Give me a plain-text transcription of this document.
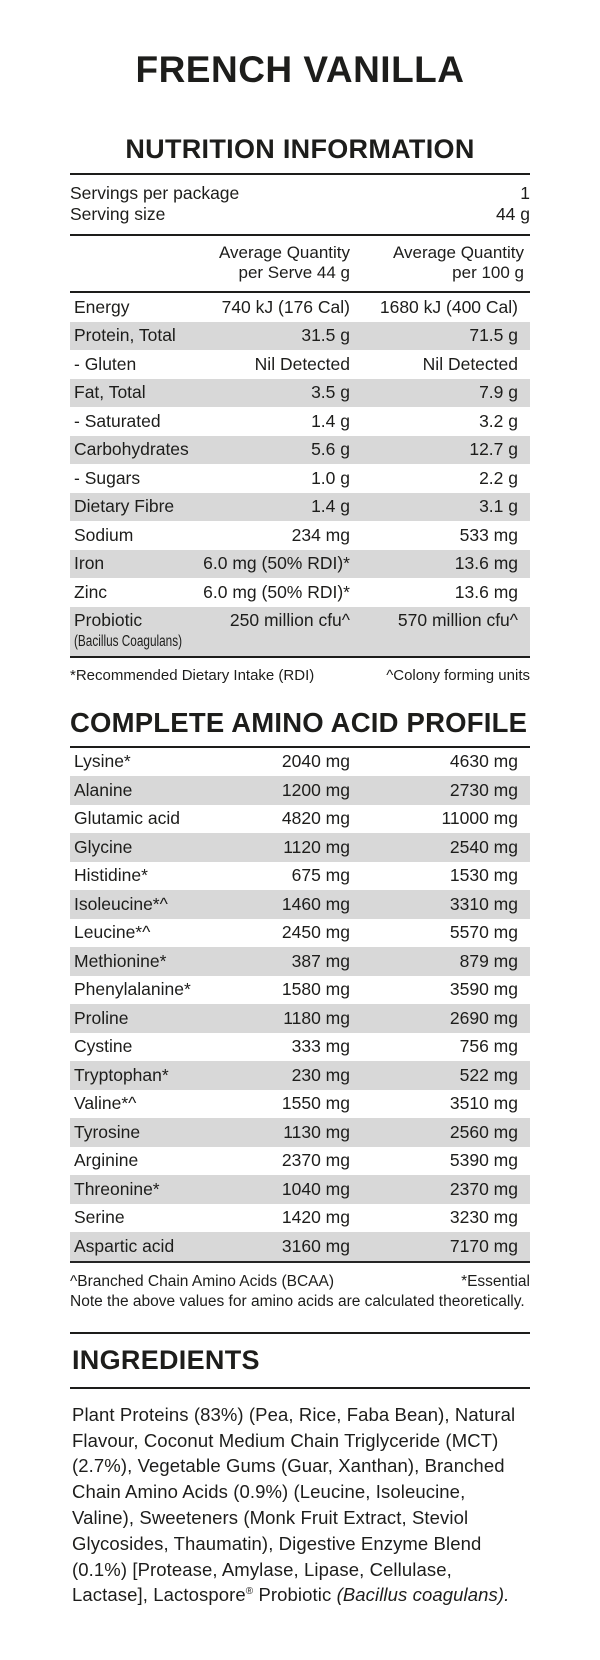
FRENCH VANILLA
NUTRITION INFORMATION
Servings per package	1
Serving size	44 g
Average Quantity
per Serve 44 g
Average Quantity
per 100 g
Energy	740 kJ (176 Cal)	1680 kJ (400 Cal)
Protein, Total	31.5 g	71.5 g
- Gluten	Nil Detected	Nil Detected
Fat, Total	3.5 g	7.9 g
- Saturated	1.4 g	3.2 g
Carbohydrates	5.6 g	12.7 g
- Sugars	1.0 g	2.2 g
Dietary Fibre	1.4 g	3.1 g
Sodium	234 mg	533 mg
Iron	6.0 mg (50% RDI)*	13.6 mg
Zinc	6.0 mg (50% RDI)*	13.6 mg
Probiotic
(Bacillus Coagulans)
250 million cfu^	570 million cfu^
*Recommended Dietary Intake (RDI)	^Colony forming units
COMPLETE AMINO ACID PROFILE
Lysine*	2040 mg	4630 mg
Alanine	1200 mg	2730 mg
Glutamic acid	4820 mg	11000 mg
Glycine	1120 mg	2540 mg
Histidine*	675 mg	1530 mg
Isoleucine*^	1460 mg	3310 mg
Leucine*^	2450 mg	5570 mg
Methionine*	387 mg	879 mg
Phenylalanine*	1580 mg	3590 mg
Proline	1180 mg	2690 mg
Cystine	333 mg	756 mg
Tryptophan*	230 mg	522 mg
Valine*^	1550 mg	3510 mg
Tyrosine	1130 mg	2560 mg
Arginine	2370 mg	5390 mg
Threonine*	1040 mg	2370 mg
Serine	1420 mg	3230 mg
Aspartic acid	3160 mg	7170 mg
^Branched Chain Amino Acids (BCAA)	*Essential
Note the above values for amino acids are calculated theoretically.
INGREDIENTS

Plant Proteins (83%) (Pea, Rice, Faba Bean), Natural Flavour, Coconut Medium Chain Triglyceride (MCT) (2.7%), Vegetable Gums (Guar, Xanthan), Branched Chain Amino Acids (0.9%) (Leucine, Isoleucine, Valine), Sweeteners (Monk Fruit Extract, Steviol Glycosides, Thaumatin), Digestive Enzyme Blend (0.1%) [Protease, Amylase, Lipase, Cellulase, Lactase], Lactospore® Probiotic (Bacillus coagulans).
